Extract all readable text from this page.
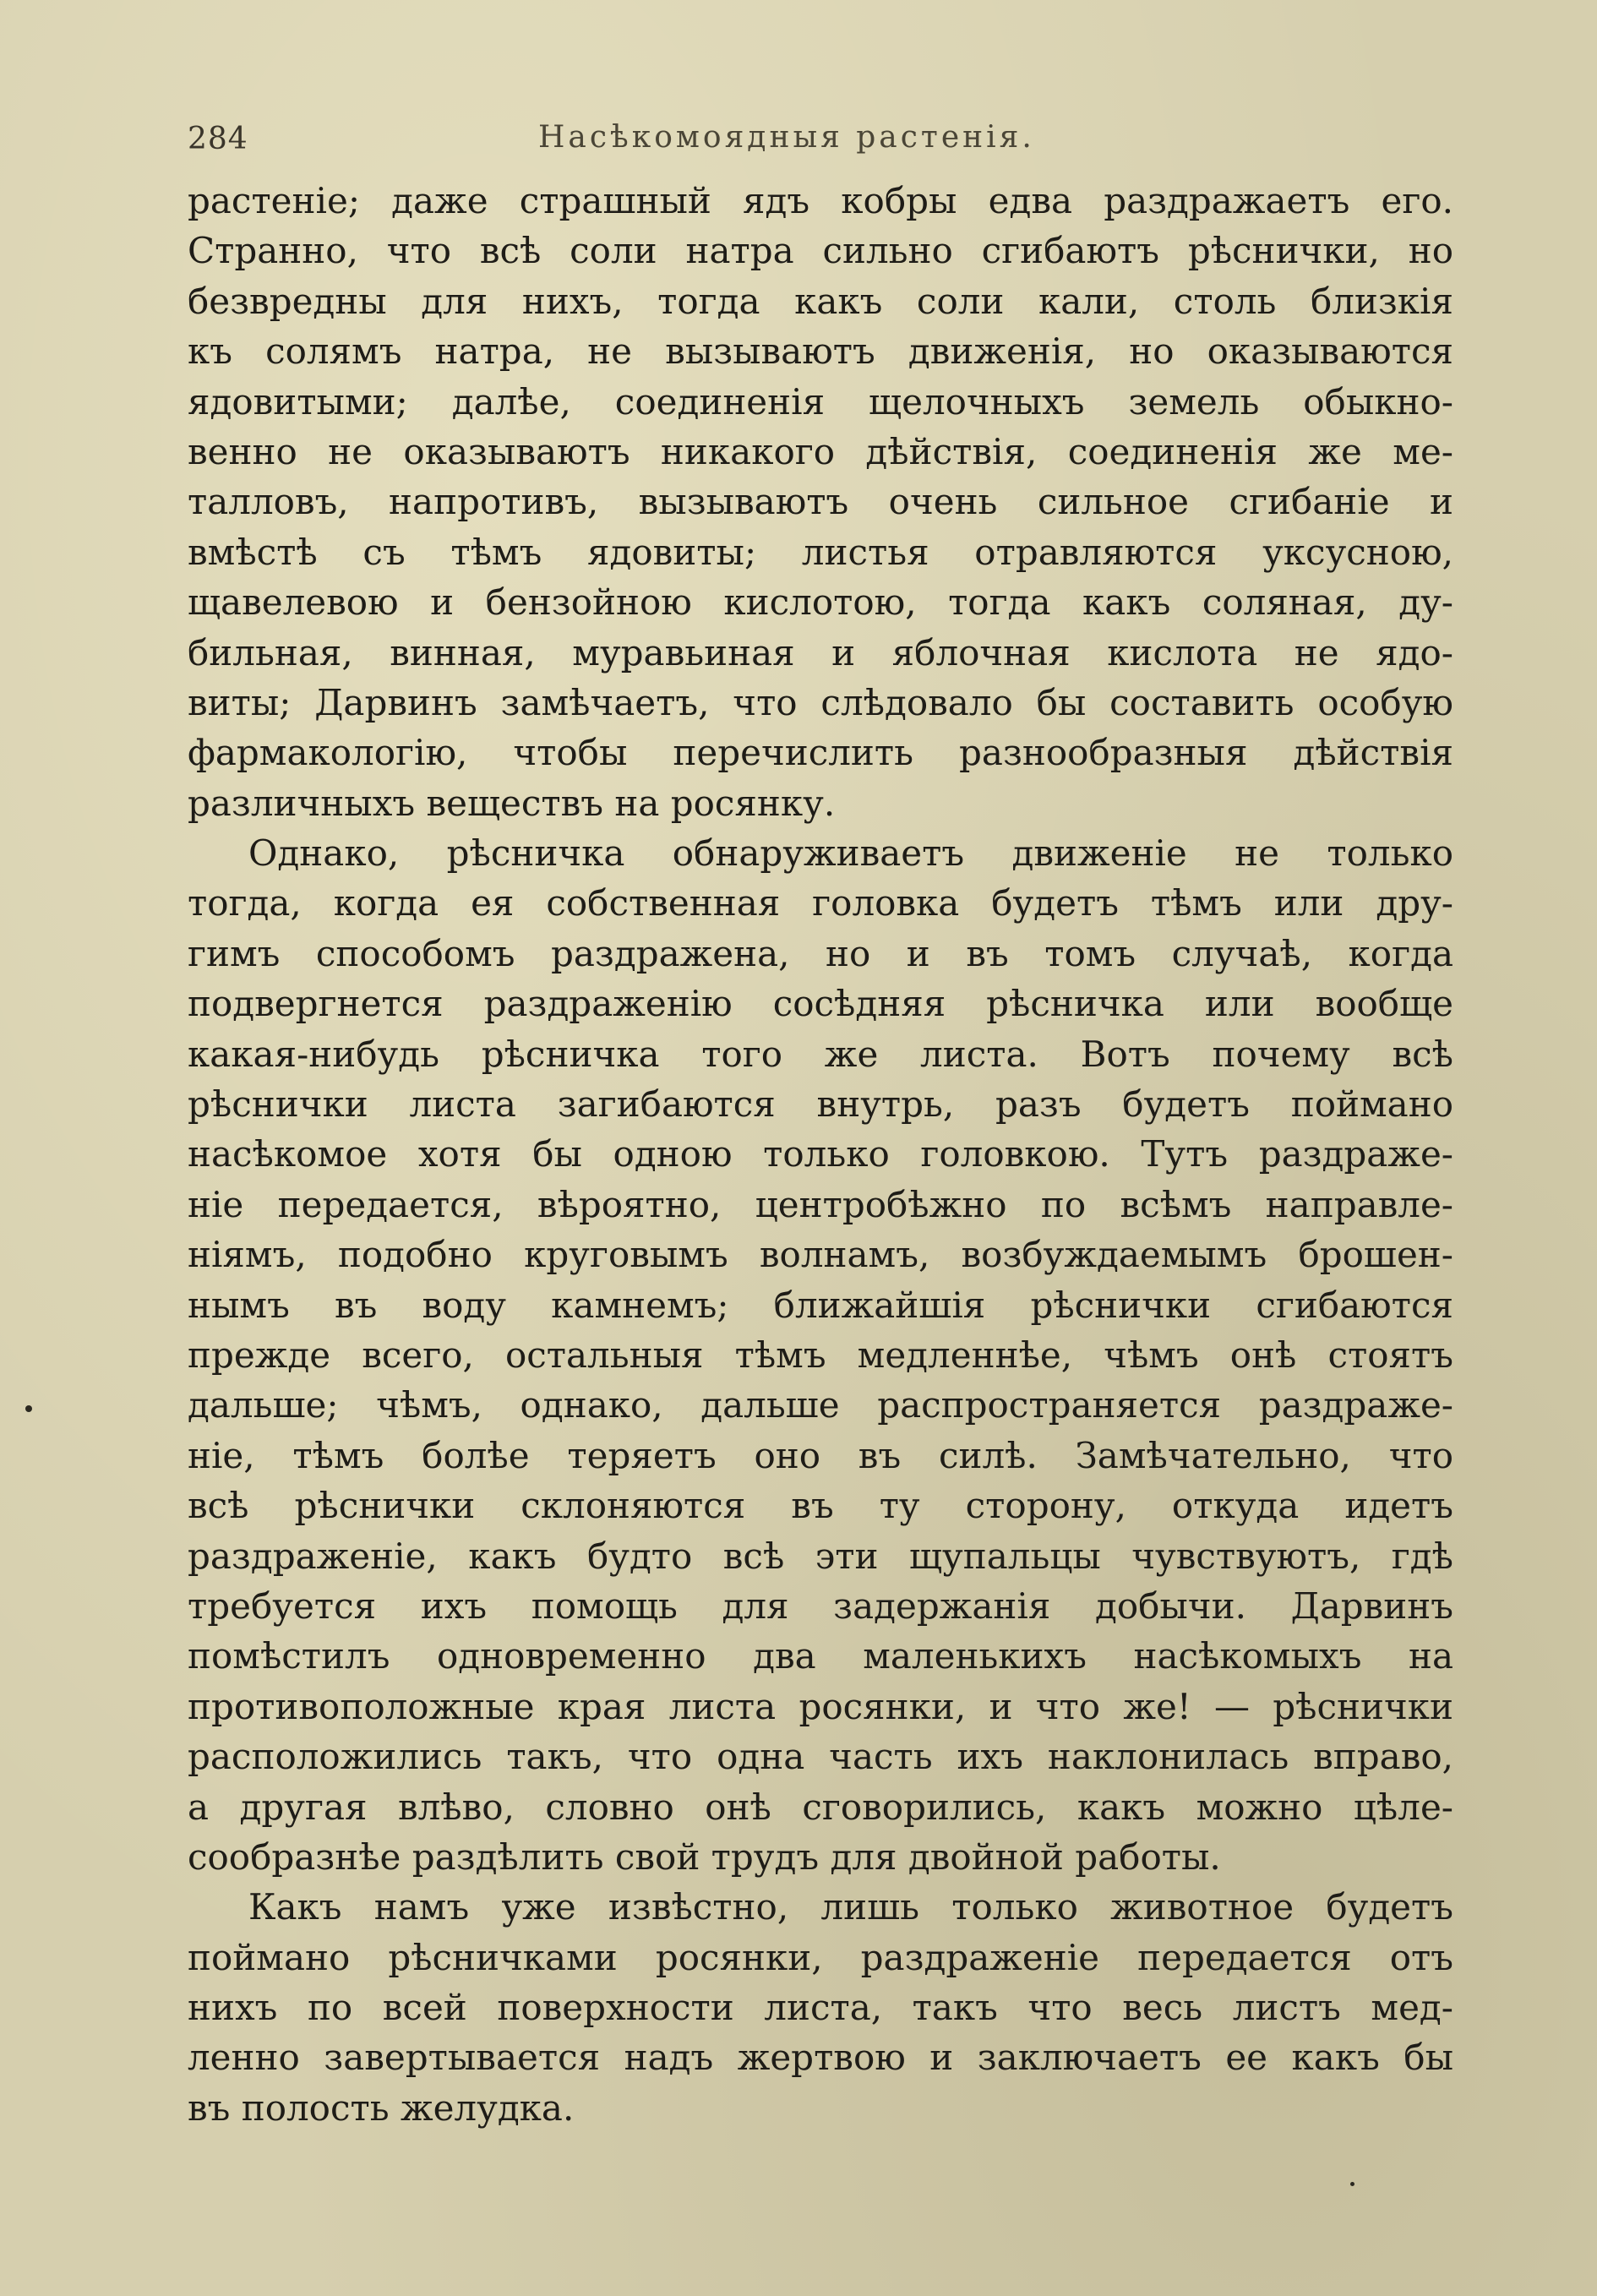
284	Насѣкомоядныя растенія.
растеніе; даже страшный ядъ кобры едва раздражаетъ его.
Странно, что всѣ соли натра сильно сгибаютъ рѣснички, но
безвредны для нихъ, тогда какъ соли кали, столь близкія
къ солямъ натра, не вызываютъ движенія, но оказываются
ядовитыми; далѣе, соединенія щелочныхъ земель обыкно-
венно не оказываютъ никакого дѣйствія, соединенія же ме-
талловъ, напротивъ, вызываютъ очень сильное сгибаніе и
вмѣстѣ съ тѣмъ ядовиты; листья отравляются уксусною,
щавелевою и бензойною кислотою, тогда какъ соляная, ду-
бильная, винная, муравьиная и яблочная кислота не ядо-
виты; Дарвинъ замѣчаетъ, что слѣдовало бы составить особую
фармакологію, чтобы перечислить разнообразныя дѣйствія
различныхъ веществъ на росянку.
Однако, рѣсничка обнаруживаетъ движеніе не только
тогда, когда ея собственная головка будетъ тѣмъ или дру-
гимъ способомъ раздражена, но и въ томъ случаѣ, когда
подвергнется раздраженію сосѣдняя рѣсничка или вообще
какая-нибудь рѣсничка того же листа. Вотъ почему всѣ
рѣснички листа загибаются внутрь, разъ будетъ поймано
насѣкомое хотя бы одною только головкою. Тутъ раздраже-
ніе передается, вѣроятно, центробѣжно по всѣмъ направле-
ніямъ, подобно круговымъ волнамъ, возбуждаемымъ брошен-
нымъ въ воду камнемъ; ближайшія рѣснички сгибаются
прежде всего, остальныя тѣмъ медленнѣе, чѣмъ онѣ стоятъ
дальше; чѣмъ, однако, дальше распространяется раздраже-
ніе, тѣмъ болѣе теряетъ оно въ силѣ. Замѣчательно, что
всѣ рѣснички склоняются въ ту сторону, откуда идетъ
раздраженіе, какъ будто всѣ эти щупальцы чувствуютъ, гдѣ
требуется ихъ помощь для задержанія добычи. Дарвинъ
помѣстилъ одновременно два маленькихъ насѣкомыхъ на
противоположные края листа росянки, и что же! — рѣснички
расположились такъ, что одна часть ихъ наклонилась вправо,
а другая влѣво, словно онѣ сговорились, какъ можно цѣле-
сообразнѣе раздѣлить свой трудъ для двойной работы.
Какъ намъ уже извѣстно, лишь только животное будетъ
поймано рѣсничками росянки, раздраженіе передается отъ
нихъ по всей поверхности листа, такъ что весь листъ мед-
ленно завертывается надъ жертвою и заключаетъ ее какъ бы
въ полость желудка.
